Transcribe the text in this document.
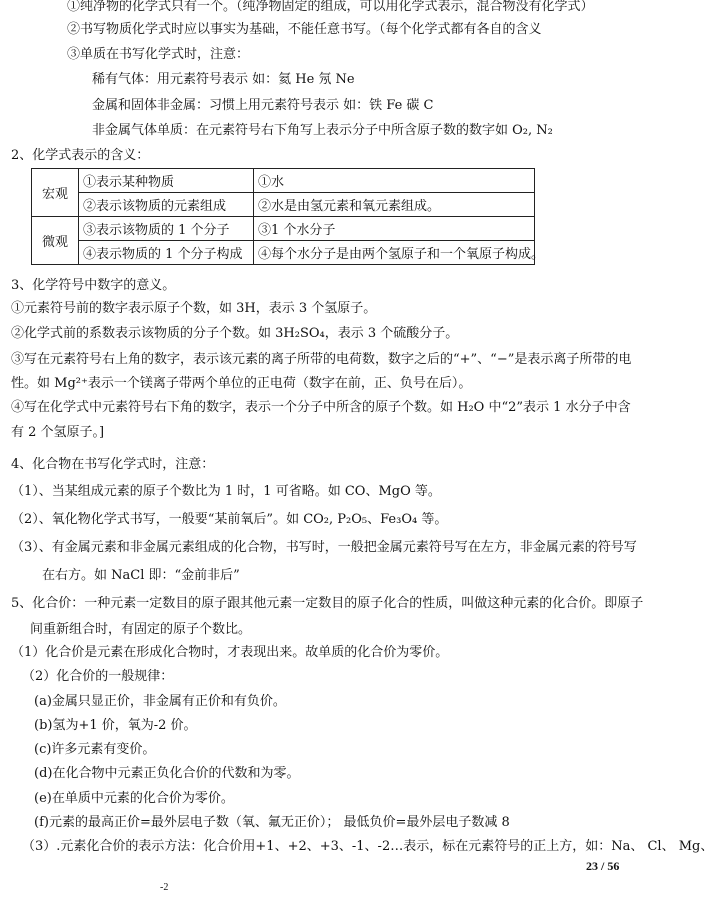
①纯净物的化学式只有一个。（纯净物固定的组成，可以用化学式表示，混合物没有化学式）
②书写物质化学式时应以事实为基础，不能任意书写。（每个化学式都有各自的含义
③单质在书写化学式时，注意：
稀有气体：用元素符号表示 如：氦 He 氖 Ne
金属和固体非金属：习惯上用元素符号表示 如：铁 Fe 碳 C
非金属气体单质：在元素符号右下角写上表示分子中所含原子数的数字如 O₂, N₂
2、化学式表示的含义：
3、化学符号中数字的意义。
①元素符号前的数字表示原子个数，如 3H，表示 3 个氢原子。
②化学式前的系数表示该物质的分子个数。如 3H₂SO₄，表示 3 个硫酸分子。
③写在元素符号右上角的数字，表示该元素的离子所带的电荷数，数字之后的“+”、“−”是表示离子所带的电
性。如 Mg²⁺表示一个镁离子带两个单位的正电荷（数字在前，正、负号在后）。
④写在化学式中元素符号右下角的数字，表示一个分子中所含的原子个数。如 H₂O 中“2”表示 1 水分子中含
有 2 个氢原子。]
4、化合物在书写化学式时，注意：
（1）、当某组成元素的原子个数比为 1 时，1 可省略。如 CO、MgO 等。
（2）、氧化物化学式书写，一般要“某前氧后”。如 CO₂, P₂O₅、Fe₃O₄ 等。
（3）、有金属元素和非金属元素组成的化合物，书写时，一般把金属元素符号写在左方，非金属元素的符号写
在右方。如 NaCl 即：“金前非后”
5、化合价：一种元素一定数目的原子跟其他元素一定数目的原子化合的性质，叫做这种元素的化合价。即原子
间重新组合时，有固定的原子个数比。
（1）化合价是元素在形成化合物时，才表现出来。故单质的化合价为零价。
（2）化合价的一般规律：
(a)金属只显正价，非金属有正价和有负价。
(b)氢为+1 价，氧为-2 价。
(c)许多元素有变价。
(d)在化合物中元素正负化合价的代数和为零。
(e)在单质中元素的化合价为零价。
(f)元素的最高正价=最外层电子数（氧、氟无正价）； 最低负价=最外层电子数减 8
（3）.元素化合价的表示方法：化合价用+1、+2、+3、-1、-2…表示，标在元素符号的正上方，如：Na、 Cl、 Mg、
宏观	①表示某种物质	①水
	②表示该物质的元素组成	②水是由氢元素和氧元素组成。
微观	③表示该物质的 1 个分子	③1 个水分子
	④表示物质的 1 个分子构成	④每个水分子是由两个氢原子和一个氧原子构成。
23 / 56
-2
